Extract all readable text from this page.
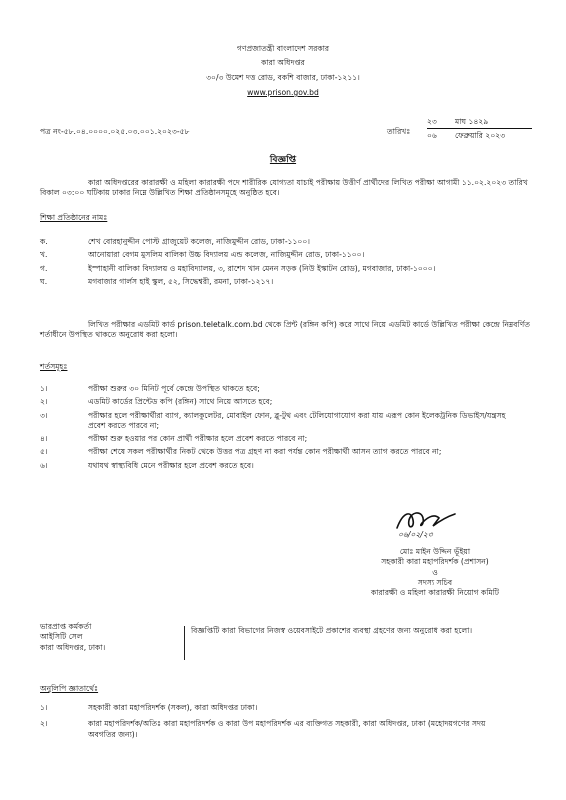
গণপ্রজাতন্ত্রী বাংলাদেশ সরকার
কারা অধিদপ্তর
৩০/৩ উমেশ দত্ত রোড, বকশি বাজার, ঢাকা-১২১১।
www.prison.gov.bd
পত্র নং-৫৮.০৪.০০০০.০২৫.০৩.০০১.২০২৩-৫৮	তারিখঃ
২৩	মাঘ ১৪২৯
০৬	ফেব্রুয়ারি ২০২৩
বিজ্ঞপ্তি
কারা অধিদপ্তরের কারারক্ষী ও মহিলা কারারক্ষী পদে শারীরিক যোগ্যতা যাচাই পরীক্ষায় উত্তীর্ণ প্রার্থীদের লিখিত পরীক্ষা আগামী ১১.০২.২০২৩ তারিখ বিকাল ০৩:০০ ঘটিকায় ঢাকার নিম্নে উল্লিখিত শিক্ষা প্রতিষ্ঠানসমূহে অনুষ্ঠিত হবে।
শিক্ষা প্রতিষ্ঠানের নামঃ
ক.	শেখ বোরহানুদ্দীন পোস্ট গ্রাজুয়েট কলেজ, নাজিমুদ্দীন রোড, ঢাকা-১১০০।
খ.	আনোয়ারা বেগম মুসলিম বালিকা উচ্চ বিদ্যালয় এন্ড কলেজ, নাজিমুদ্দীন রোড, ঢাকা-১১০০।
গ.	ইস্পাহানী বালিকা বিদ্যালয় ও মহাবিদ্যালয়, ৩, রাশেদ খান মেনন সড়ক (নিউ ইস্কাটন রোড), মগবাজার, ঢাকা-১০০০।
ঘ.	মগবাজার গার্লস হাই স্কুল, ৫২, সিদ্ধেশ্বরী, রমনা, ঢাকা-১২১৭।
লিখিত পরীক্ষার এডমিট কার্ড prison.teletalk.com.bd থেকে প্রিন্ট (রঙ্গিন কপি) করে সাথে নিয়ে এডমিট কার্ডে উল্লিখিত পরীক্ষা কেন্দ্রে নিম্নবর্ণিত শর্তাধীনে উপস্থিত থাকতে অনুরোধ করা হলো।
শর্তসমূহঃ
১।	পরীক্ষা শুরুর ৩০ মিনিট পূর্বে কেন্দ্রে উপস্থিত থাকতে হবে;
২।	এডমিট কার্ডের প্রিন্টেড কপি (রঙ্গিন) সাথে নিয়ে আসতে হবে;
৩।	পরীক্ষার হলে পরীক্ষার্থীরা ব্যাগ, ক্যালকুলেটর, মোবাইল ফোন, ব্লু-টুথ এবং টেলিযোগাযোগ করা যায় এরূপ কোন ইলেকট্রনিক ডিভাইস/যন্ত্রসহ প্রবেশ করতে পারবে না;
৪।	পরীক্ষা শুরু হওয়ার পর কোন প্রার্থী পরীক্ষার হলে প্রবেশ করতে পারবে না;
৫।	পরীক্ষা শেষে সকল পরীক্ষার্থীর নিকট থেকে উত্তর পত্র গ্রহণ না করা পর্যন্ত কোন পরীক্ষার্থী আসন ত্যাগ করতে পারবে না;
৬।	যথাযথ স্বাস্থ্যবিধি মেনে পরীক্ষার হলে প্রবেশ করতে হবে।
০৬/০২/২৩
মোঃ মাইন উদ্দিন ভূঁইয়া
সহকারী কারা মহাপরিদর্শক (প্রশাসন)
ও
সদস্য সচিব
কারারক্ষী ও মহিলা কারারক্ষী নিয়োগ কমিটি
ভারপ্রাপ্ত কর্মকর্তা
আইসিটি সেল
কারা অধিদপ্তর, ঢাকা।
বিজ্ঞপ্তিটি কারা বিভাগের নিজস্ব ওয়েবসাইটে প্রকাশের ব্যবস্থা গ্রহণের জন্য অনুরোধ করা হলো।
অনুলিপি জ্ঞাতার্থেঃ
১।	সহকারী কারা মহাপরিদর্শক (সকল), কারা অধিদপ্তর ঢাকা।
২।	কারা মহাপরিদর্শক/অতিঃ কারা মহাপরিদর্শক ও কারা উপ মহাপরিদর্শক এর ব্যক্তিগত সহকারী, কারা অধিদপ্তর, ঢাকা (মহোদয়গণের সদয় অবগতির জন্য)।
